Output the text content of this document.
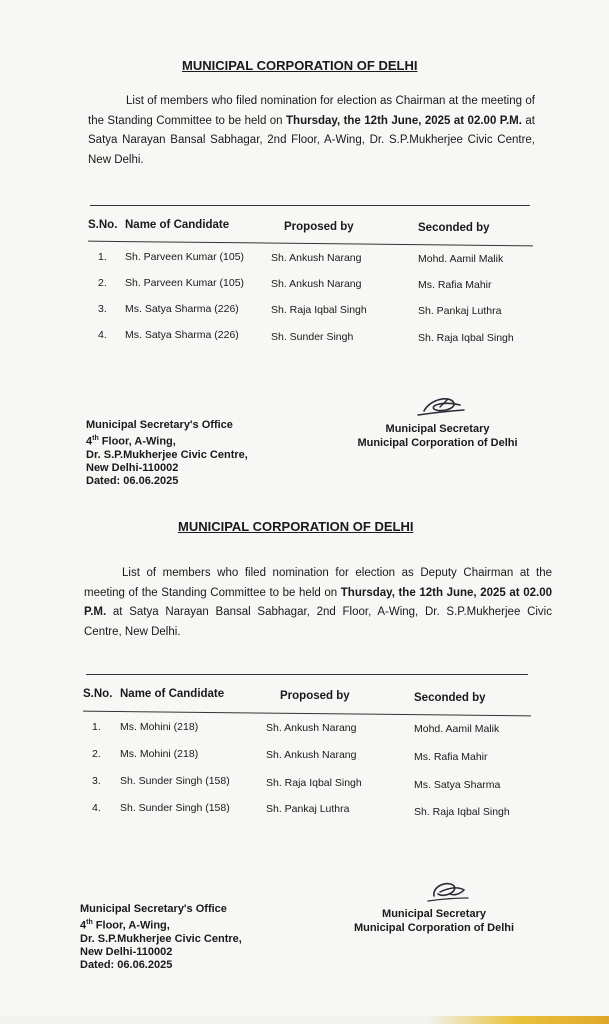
MUNICIPAL CORPORATION OF DELHI
List of members who filed nomination for election as Chairman at the meeting of the Standing Committee to be held on Thursday, the 12th June, 2025 at 02.00 P.M. at Satya Narayan Bansal Sabhagar, 2nd Floor, A-Wing, Dr. S.P.Mukherjee Civic Centre, New Delhi.
S.No. Name of Candidate	Proposed by	Seconded by
1. Sh. Parveen Kumar (105)	Sh. Ankush Narang	Mohd. Aamil Malik
2. Sh. Parveen Kumar (105)	Sh. Ankush Narang	Ms. Rafia Mahir
3. Ms. Satya Sharma (226)	Sh. Raja Iqbal Singh	Sh. Pankaj Luthra
4. Ms. Satya Sharma (226)	Sh. Sunder Singh	Sh. Raja Iqbal Singh
Municipal Secretary's Office
4th Floor, A-Wing,
Dr. S.P.Mukherjee Civic Centre,
New Delhi-110002
Dated: 06.06.2025
Municipal Secretary
Municipal Corporation of Delhi
MUNICIPAL CORPORATION OF DELHI
List of members who filed nomination for election as Deputy Chairman at the meeting of the Standing Committee to be held on Thursday, the 12th June, 2025 at 02.00 P.M. at Satya Narayan Bansal Sabhagar, 2nd Floor, A-Wing, Dr. S.P.Mukherjee Civic Centre, New Delhi.
S.No. Name of Candidate	Proposed by	Seconded by
1. Ms. Mohini (218)	Sh. Ankush Narang	Mohd. Aamil Malik
2. Ms. Mohini (218)	Sh. Ankush Narang	Ms. Rafia Mahir
3. Sh. Sunder Singh (158)	Sh. Raja Iqbal Singh	Ms. Satya Sharma
4. Sh. Sunder Singh (158)	Sh. Pankaj Luthra	Sh. Raja Iqbal Singh
Municipal Secretary's Office
4th Floor, A-Wing,
Dr. S.P.Mukherjee Civic Centre,
New Delhi-110002
Dated: 06.06.2025
Municipal Secretary
Municipal Corporation of Delhi
